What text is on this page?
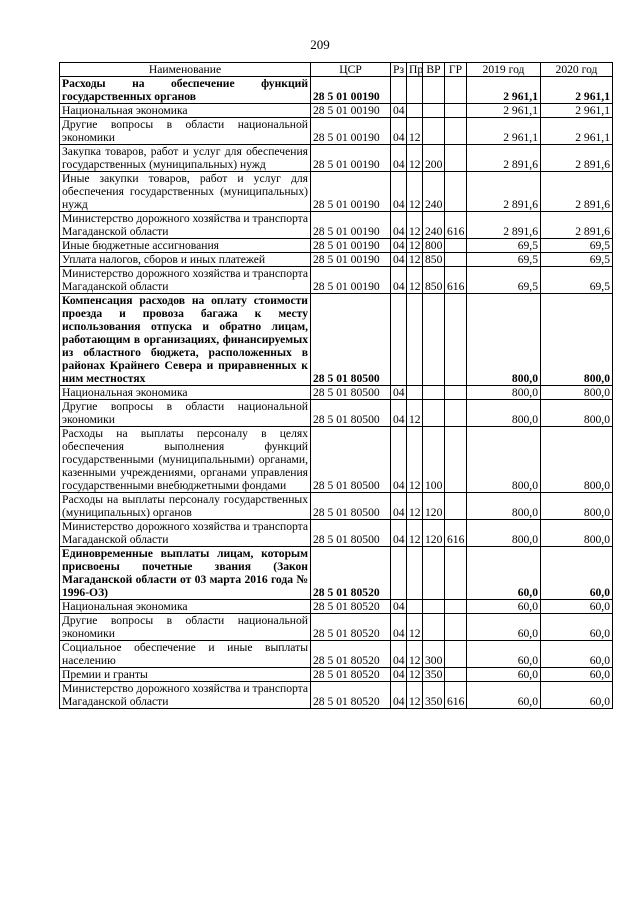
209
Наименование	ЦСР	Рз	Пр	ВР	ГР	2019 год	2020 год
Расходы на обеспечение функций государственных органов	28 5 01 00190					2 961,1	2 961,1
Национальная экономика	28 5 01 00190	04				2 961,1	2 961,1
Другие вопросы в области национальной экономики	28 5 01 00190	04	12			2 961,1	2 961,1
Закупка товаров, работ и услуг для обеспечения государственных (муниципальных) нужд	28 5 01 00190	04	12	200		2 891,6	2 891,6
Иные закупки товаров, работ и услуг для обеспечения государственных (муниципальных) нужд	28 5 01 00190	04	12	240		2 891,6	2 891,6
Министерство дорожного хозяйства и транспорта Магаданской области	28 5 01 00190	04	12	240	616	2 891,6	2 891,6
Иные бюджетные ассигнования	28 5 01 00190	04	12	800		69,5	69,5
Уплата налогов, сборов и иных платежей	28 5 01 00190	04	12	850		69,5	69,5
Министерство дорожного хозяйства и транспорта Магаданской области	28 5 01 00190	04	12	850	616	69,5	69,5
Компенсация расходов на оплату стоимости проезда и провоза багажа к месту использования отпуска и обратно лицам, работающим в организациях, финансируемых из областного бюджета, расположенных в районах Крайнего Севера и приравненных к ним местностях	28 5 01 80500					800,0	800,0
Национальная экономика	28 5 01 80500	04				800,0	800,0
Другие вопросы в области национальной экономики	28 5 01 80500	04	12			800,0	800,0
Расходы на выплаты персоналу в целях обеспечения выполнения функций государственными (муниципальными) органами, казенными учреждениями, органами управления государственными внебюджетными фондами	28 5 01 80500	04	12	100		800,0	800,0
Расходы на выплаты персоналу государственных (муниципальных) органов	28 5 01 80500	04	12	120		800,0	800,0
Министерство дорожного хозяйства и транспорта Магаданской области	28 5 01 80500	04	12	120	616	800,0	800,0
Единовременные выплаты лицам, которым присвоены почетные звания (Закон Магаданской области от 03 марта 2016 года № 1996-ОЗ)	28 5 01 80520					60,0	60,0
Национальная экономика	28 5 01 80520	04				60,0	60,0
Другие вопросы в области национальной экономики	28 5 01 80520	04	12			60,0	60,0
Социальное обеспечение и иные выплаты населению	28 5 01 80520	04	12	300		60,0	60,0
Премии и гранты	28 5 01 80520	04	12	350		60,0	60,0
Министерство дорожного хозяйства и транспорта Магаданской области	28 5 01 80520	04	12	350	616	60,0	60,0
